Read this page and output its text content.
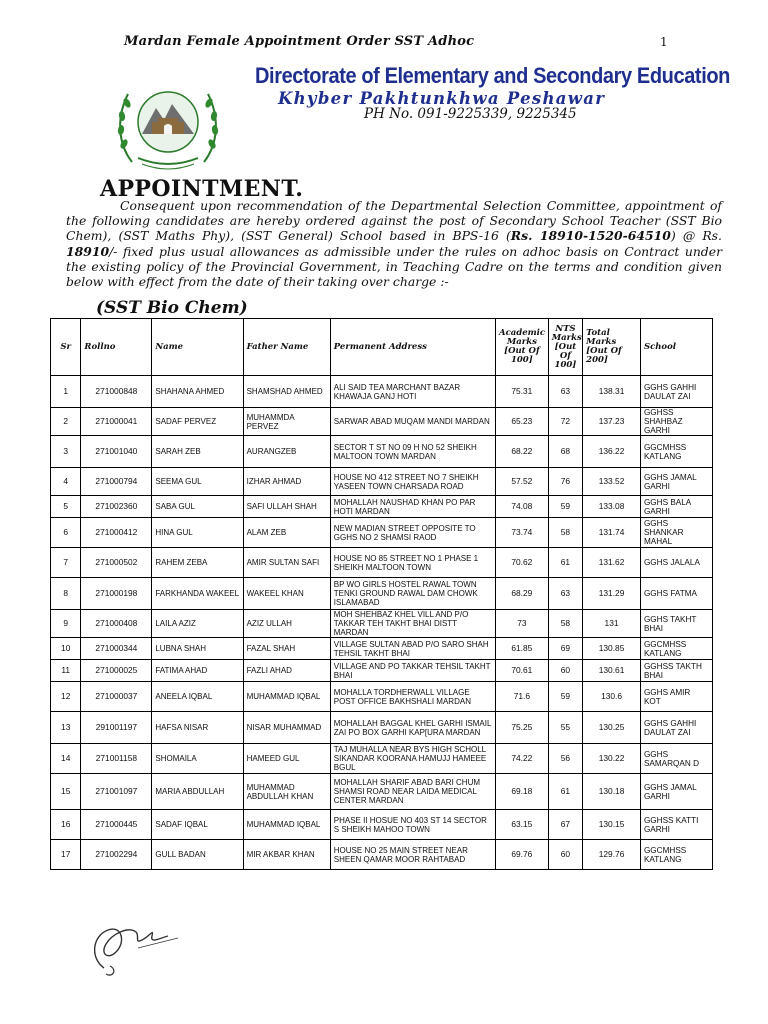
Mardan Female Appointment Order SST Adhoc	1
Directorate of Elementary and Secondary Education
Khyber Pakhtunkhwa Peshawar
PH No. 091-9225339, 9225345
APPOINTMENT.
Consequent upon recommendation of the Departmental Selection Committee, appointment of the following candidates are hereby ordered against the post of Secondary School Teacher (SST Bio Chem), (SST Maths Phy), (SST General) School based in BPS-16 (Rs. 18910-1520-64510) @ Rs. 18910/- fixed plus usual allowances as admissible under the rules on adhoc basis on Contract under the existing policy of the Provincial Government, in Teaching Cadre on the terms and condition given below with effect from the date of their taking over charge :-
(SST Bio Chem)
Sr	Rollno	Name	Father Name	Permanent Address	Academic Marks [Out Of 100]	NTS Marks [Out Of 100]	Total Marks [Out Of 200]	School
1	271000848	SHAHANA AHMED	SHAMSHAD AHMED	ALI SAID TEA MARCHANT BAZAR KHAWAJA GANJ HOTI	75.31	63	138.31	GGHS GAHHI DAULAT ZAI
2	271000041	SADAF PERVEZ	MUHAMMDA PERVEZ	SARWAR ABAD MUQAM MANDI MARDAN	65.23	72	137.23	GGHSS SHAHBAZ GARHI
3	271001040	SARAH ZEB	AURANGZEB	SECTOR T ST NO 09 H NO 52 SHEIKH MALTOON TOWN MARDAN	68.22	68	136.22	GGCMHSS KATLANG
4	271000794	SEEMA GUL	IZHAR AHMAD	HOUSE NO 412 STREET NO 7 SHEIKH YASEEN TOWN CHARSADA ROAD	57.52	76	133.52	GGHS JAMAL GARHI
5	271002360	SABA GUL	SAFI ULLAH SHAH	MOHALLAH NAUSHAD KHAN PO PAR HOTI MARDAN	74.08	59	133.08	GGHS BALA GARHI
6	271000412	HINA GUL	ALAM ZEB	NEW MADIAN STREET OPPOSITE TO GGHS NO 2 SHAMSI RAOD	73.74	58	131.74	GGHS SHANKAR MAHAL
7	271000502	RAHEM ZEBA	AMIR SULTAN SAFI	HOUSE NO 85 STREET NO 1 PHASE 1 SHEIKH MALTOON TOWN	70.62	61	131.62	GGHS JALALA
8	271000198	FARKHANDA WAKEEL	WAKEEL KHAN	BP WO GIRLS HOSTEL RAWAL TOWN TENKI GROUND RAWAL DAM CHOWK ISLAMABAD	68.29	63	131.29	GGHS FATMA
9	271000408	LAILA AZIZ	AZIZ ULLAH	MOH SHEHBAZ KHEL VILL AND P/O TAKKAR TEH TAKHT BHAI DISTT MARDAN	73	58	131	GGHS TAKHT BHAI
10	271000344	LUBNA SHAH	FAZAL SHAH	VILLAGE SULTAN ABAD P/O SARO SHAH TEHSIL TAKHT BHAI	61.85	69	130.85	GGCMHSS KATLANG
11	271000025	FATIMA AHAD	FAZLI AHAD	VILLAGE AND PO TAKKAR TEHSIL TAKHT BHAI	70.61	60	130.61	GGHSS TAKTH BHAI
12	271000037	ANEELA IQBAL	MUHAMMAD IQBAL	MOHALLA TORDHERWALL VILLAGE POST OFFICE BAKHSHALI MARDAN	71.6	59	130.6	GGHS AMIR KOT
13	291001197	HAFSA NISAR	NISAR MUHAMMAD	MOHALLAH BAGGAL KHEL GARHI ISMAIL ZAI PO BOX GARHI KAP[URA MARDAN	75.25	55	130.25	GGHS GAHHI DAULAT ZAI
14	271001158	SHOMAILA	HAMEED GUL	TAJ MUHALLA NEAR BYS HIGH SCHOLL SIKANDAR KOORANA HAMUJJ HAMEEE BGUL	74.22	56	130.22	GGHS SAMARQAN D
15	271001097	MARIA ABDULLAH	MUHAMMAD ABDULLAH KHAN	MOHALLAH SHARIF ABAD BARI CHUM SHAMSI ROAD NEAR LAIDA MEDICAL CENTER MARDAN	69.18	61	130.18	GGHS JAMAL GARHI
16	271000445	SADAF IQBAL	MUHAMMAD IQBAL	PHASE II HOSUE NO 403 ST 14 SECTOR S SHEIKH MAHOO TOWN	63.15	67	130.15	GGHSS KATTI GARHI
17	271002294	GULL BADAN	MIR AKBAR KHAN	HOUSE NO 25 MAIN STREET NEAR SHEEN QAMAR MOOR RAHTABAD	69.76	60	129.76	GGCMHSS KATLANG
